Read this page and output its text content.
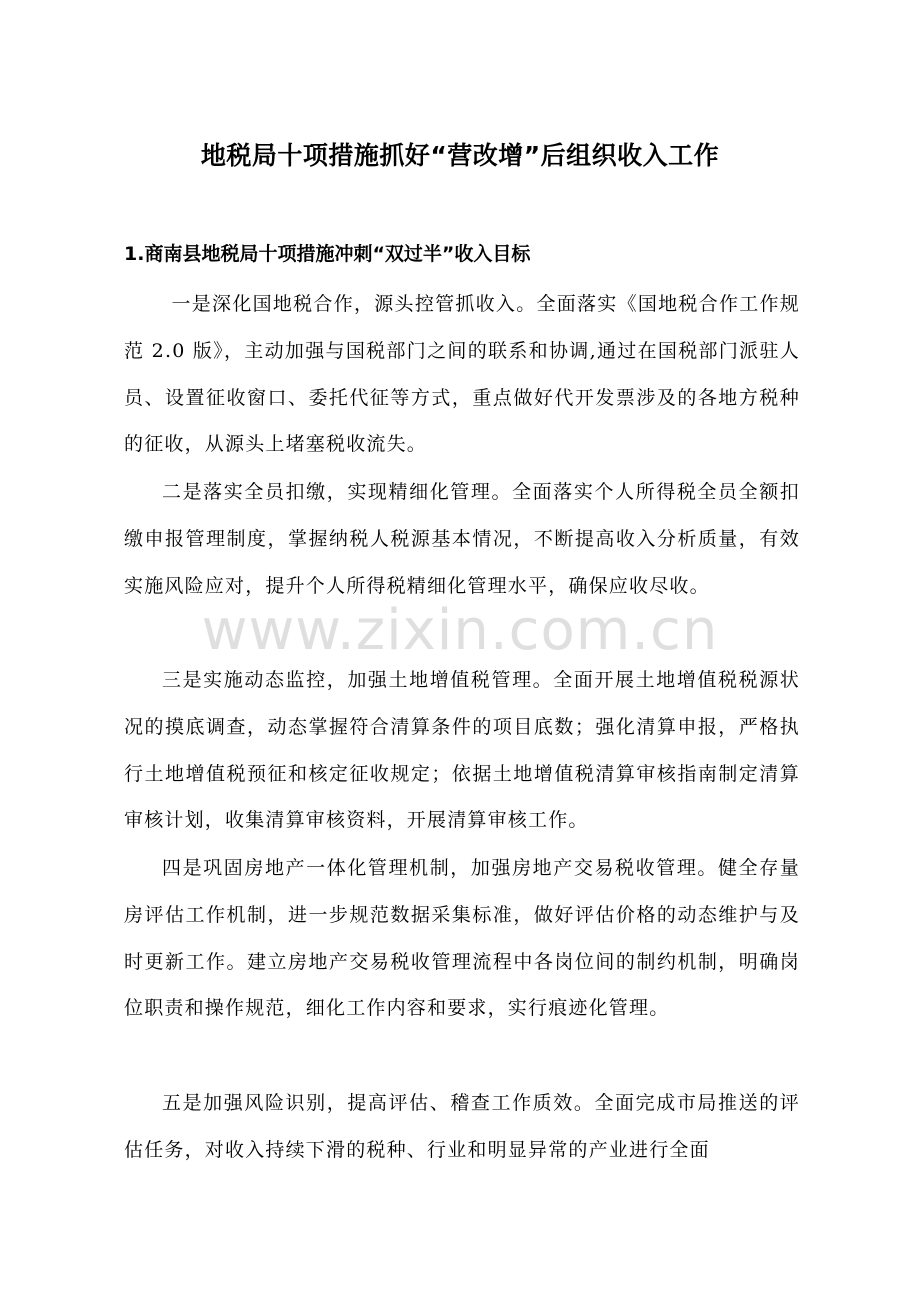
地税局十项措施抓好“营改增”后组织收入工作
1.商南县地税局十项措施冲刺“双过半”收入目标

一是深化国地税合作，源头控管抓收入。全面落实《国地税合作工作规范 2.0 版》，主动加强与国税部门之间的联系和协调,通过在国税部门派驻人员、设置征收窗口、委托代征等方式，重点做好代开发票涉及的各地方税种的征收，从源头上堵塞税收流失。

二是落实全员扣缴，实现精细化管理。全面落实个人所得税全员全额扣缴申报管理制度，掌握纳税人税源基本情况，不断提高收入分析质量，有效实施风险应对，提升个人所得税精细化管理水平，确保应收尽收。

三是实施动态监控，加强土地增值税管理。全面开展土地增值税税源状况的摸底调查，动态掌握符合清算条件的项目底数；强化清算申报，严格执行土地增值税预征和核定征收规定；依据土地增值税清算审核指南制定清算审核计划，收集清算审核资料，开展清算审核工作。

四是巩固房地产一体化管理机制，加强房地产交易税收管理。健全存量房评估工作机制，进一步规范数据采集标准，做好评估价格的动态维护与及时更新工作。建立房地产交易税收管理流程中各岗位间的制约机制，明确岗位职责和操作规范，细化工作内容和要求，实行痕迹化管理。

五是加强风险识别，提高评估、稽查工作质效。全面完成市局推送的评估任务，对收入持续下滑的税种、行业和明显异常的产业进行全面

www.zixin.com.cn
